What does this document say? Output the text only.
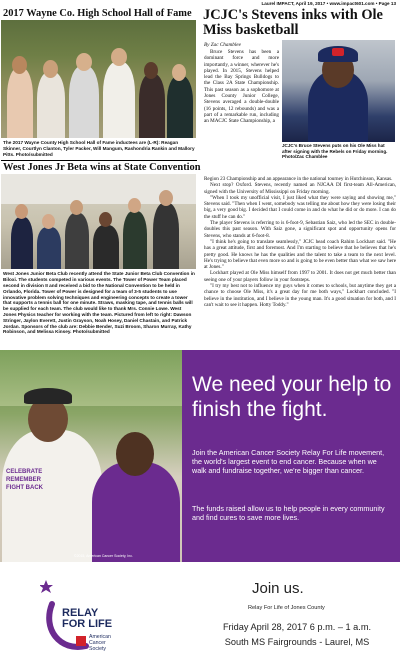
Laurel IMPACT, April 19, 2017 • www.impact601.com • Page 13
2017 Wayne Co. High School Hall of Fame
The 2017 Wayne County High School Hall of Fame inductees are (L-R): Reagan Skinner, Courtlyn Clanton, Tyler Packer, Will Mangum, Rashondria Rankin and Mallory Pitts. Photo/submitted
West Jones Jr Beta wins at State Convention
West Jones Junior Beta Club recently attend the State Junior Beta Club Convention in Biloxi. The students competed in various events. The Tower of Power Team placed second in division II and received a bid to the National Convention to be held in Orlando, Florida. Tower of Power is designed for a team of 3-5 students to use innovative problem solving techniques and engineering concepts to create a tower that supports a tennis ball for one minute. Straws, masking tape, and tennis balls will be supplied for each team. The club would like to thank Mrs. Connie Lowe. West Jones Physics teacher for working with the team. Pictured from left to right: Dawson Stringer, Jaylon Everett, Justin Grayson, Noah Hosey, Daniel Chastain, and Patrick Jordan. Sponsors of the club are: Debbie Bender, Suzi Broom, Sharon Murray, Kathy Robinson, and Melissa Kinsey. Photo/submitted
JCJC's Stevens inks with Ole Miss basketball
By Zac Chamblee

Bruce Stevens has been a dominant force and more importantly, a winner, wherever he's played. In 2015, Stevens helped lead the Bay Springs Bulldogs to the Class 2A State Championship. This past season as a sophomore at Jones County Junior College, Stevens averaged a double-double (16 points, 12 rebounds) and was a part of a remarkable run, including an MACJC State Championship, a

JCJC's Bruce Stevens puts on his Ole Miss hat after signing with the Rebels on Friday morning. Photo/Zac Chamblee

Region 23 Championship and an appearance in the national tourney in Hutchinson, Kansas.

Next stop? Oxford. Stevens, recently named an NJCAA DI first-team All-American, signed with the University of Mississippi on Friday morning.

"When I took my unofficial visit, I just liked what they were saying and showing me," Stevens said. "Then when I went, somebody was telling me about how they were losing their big, a very good big. I decided that I could come in and do what he did or do more. I can do the stuff he can do."

The player Stevens is referring to is 6-foot-9, Sebastian Saiz, who led the SEC in double-doubles this past season. With Saiz gone, a significant spot and opportunity opens for Stevens, who stands at 6-foot-8.

"I think he's going to translate seamlessly," JCJC head coach Rahim Lockhart said. "He has a great attitude, first and foremost. And I'm starting to believe that he believes that he's pretty good. He knows he has the qualities and the talent to take a team to the next level. He's trying to believe that even more so and is going to be even better than what we saw here at Jones."

Lockhart played at Ole Miss himself from 1997 to 2001. It does not get much better than seeing one of your players follow in your footsteps.

"I try my best not to influence my guys when it comes to schools, but anytime they get a chance to choose Ole Miss, it's a great day for me both ways," Lockhart concluded. "I believe in the institution, and I believe in the young man. It's a good situation for both, and I can't wait to see it happen. Hotty Toddy."

CELEBRATE
REMEMBER
FIGHT BACK
©2015, American Cancer Society, Inc.
We need your help to finish the fight.
Join the American Cancer Society Relay For Life movement, the world's largest event to end cancer. Because when we walk and fundraise together, we're bigger than cancer.
The funds raised allow us to help people in every community and find cures to save more lives.
RELAY
FOR LIFE
American
Cancer
Society
Join us.
Relay For Life of Jones County
Friday April 28, 2017 6 p.m. – 1 a.m.
South MS Fairgrounds - Laurel, MS
